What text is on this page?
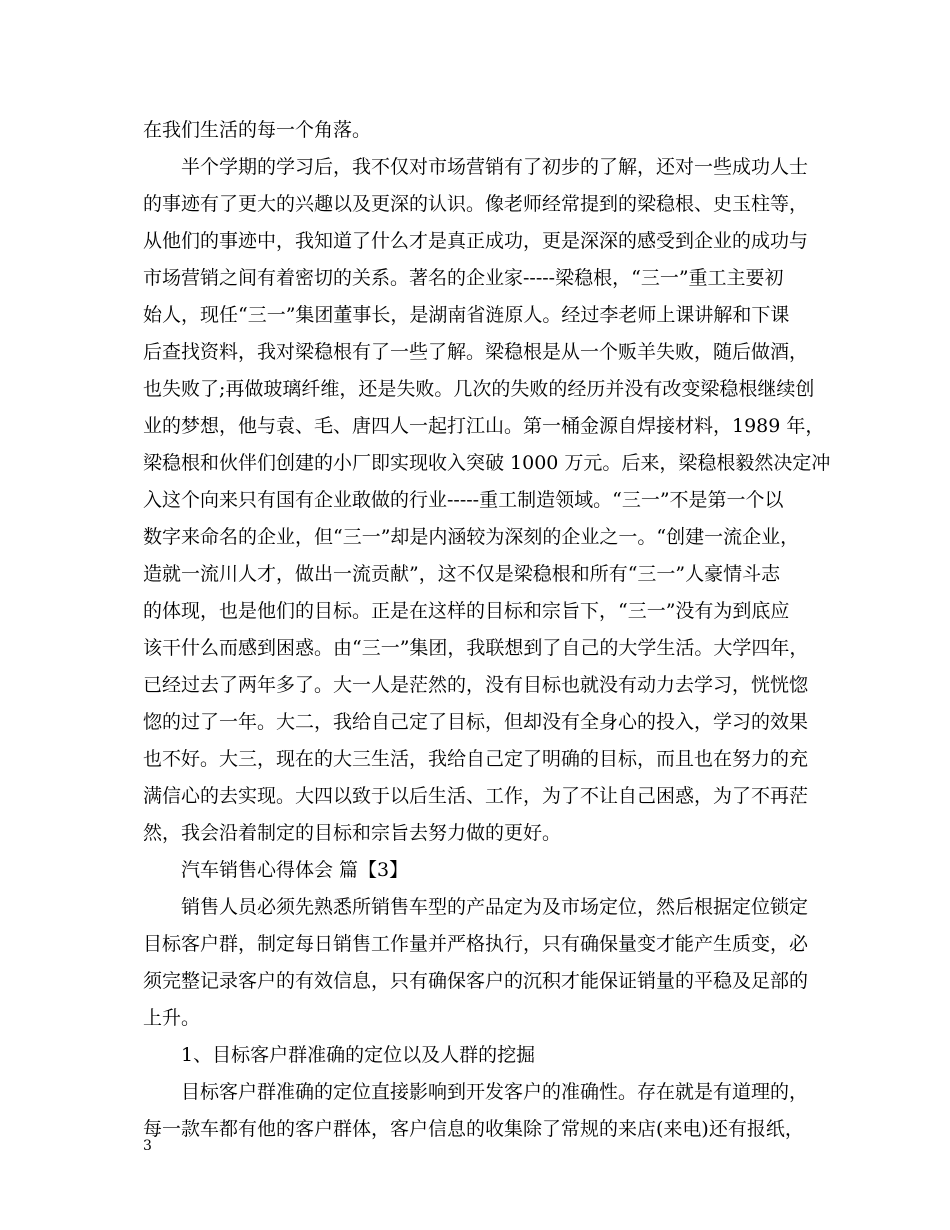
在我们生活的每一个角落。
半个学期的学习后，我不仅对市场营销有了初步的了解，还对一些成功人士
的事迹有了更大的兴趣以及更深的认识。像老师经常提到的梁稳根、史玉柱等，
从他们的事迹中，我知道了什么才是真正成功，更是深深的感受到企业的成功与
市场营销之间有着密切的关系。著名的企业家-----梁稳根，“三一”重工主要初
始人，现任“三一”集团董事长，是湖南省涟原人。经过李老师上课讲解和下课
后查找资料，我对梁稳根有了一些了解。梁稳根是从一个贩羊失败，随后做酒，
也失败了;再做玻璃纤维，还是失败。几次的失败的经历并没有改变梁稳根继续创
业的梦想，他与袁、毛、唐四人一起打江山。第一桶金源自焊接材料，1989 年，
梁稳根和伙伴们创建的小厂即实现收入突破 1000 万元。后来，梁稳根毅然决定冲
入这个向来只有国有企业敢做的行业-----重工制造领域。“三一”不是第一个以
数字来命名的企业，但“三一”却是内涵较为深刻的企业之一。“创建一流企业，
造就一流川人才，做出一流贡献”，这不仅是梁稳根和所有“三一”人豪情斗志
的体现，也是他们的目标。正是在这样的目标和宗旨下，“三一”没有为到底应
该干什么而感到困惑。由“三一”集团，我联想到了自己的大学生活。大学四年，
已经过去了两年多了。大一人是茫然的，没有目标也就没有动力去学习，恍恍惚
惚的过了一年。大二，我给自己定了目标，但却没有全身心的投入，学习的效果
也不好。大三，现在的大三生活，我给自己定了明确的目标，而且也在努力的充
满信心的去实现。大四以致于以后生活、工作，为了不让自己困惑，为了不再茫
然，我会沿着制定的目标和宗旨去努力做的更好。
汽车销售心得体会 篇【3】
销售人员必须先熟悉所销售车型的产品定为及市场定位，然后根据定位锁定
目标客户群，制定每日销售工作量并严格执行，只有确保量变才能产生质变，必
须完整记录客户的有效信息，只有确保客户的沉积才能保证销量的平稳及足部的
上升。
1、目标客户群准确的定位以及人群的挖掘
目标客户群准确的定位直接影响到开发客户的准确性。存在就是有道理的，
每一款车都有他的客户群体，客户信息的收集除了常规的来店(来电)还有报纸，
3
